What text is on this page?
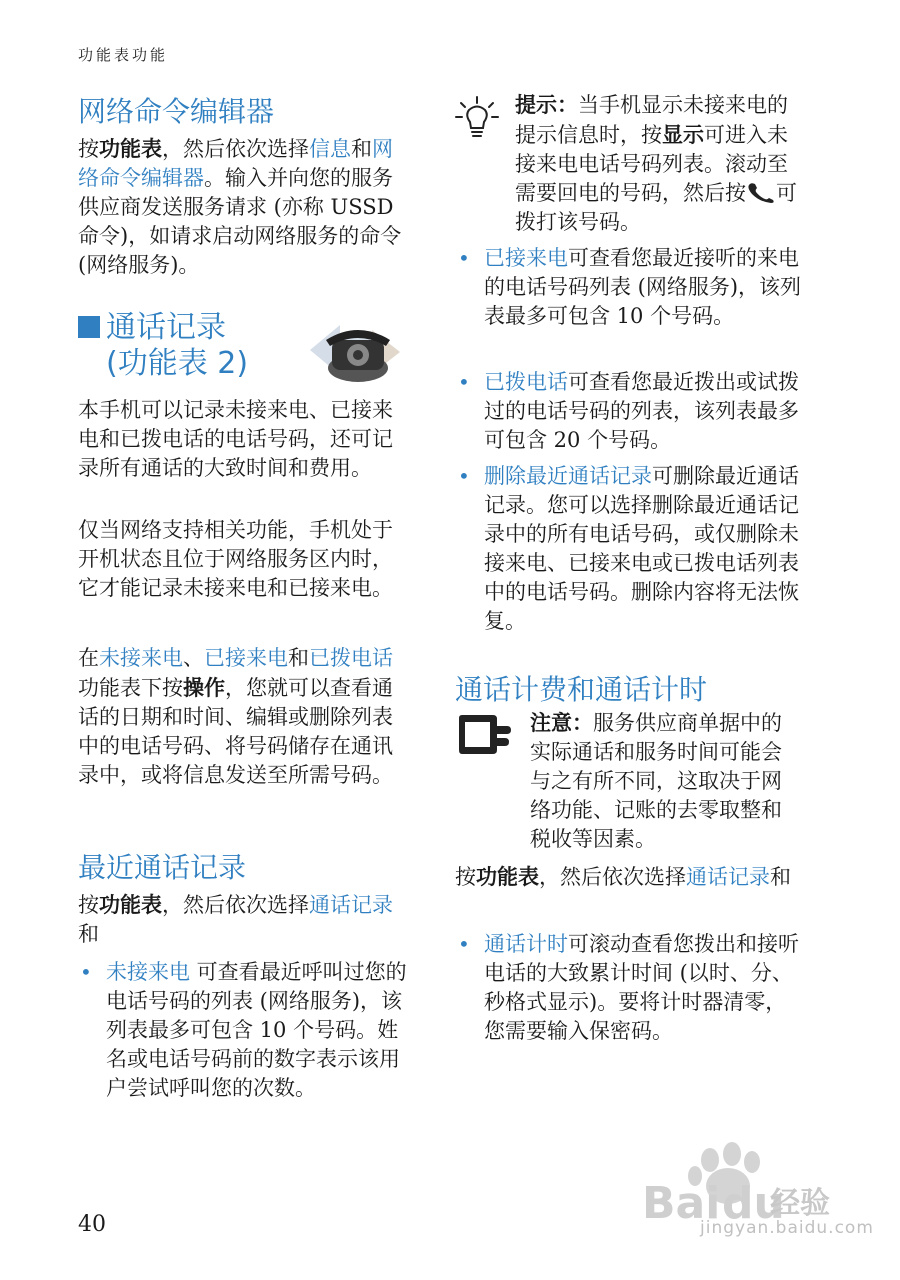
功能表功能
网络命令编辑器

按功能表，然后依次选择信息和网络命令编辑器。输入并向您的服务供应商发送服务请求 (亦称 USSD 命令)，如请求启动网络服务的命令 (网络服务)。

通话记录
(功能表 2)

本手机可以记录未接来电、已接来电和已拨电话的电话号码，还可记录所有通话的大致时间和费用。

仅当网络支持相关功能，手机处于开机状态且位于网络服务区内时，它才能记录未接来电和已接来电。

在未接来电、已接来电和已拨电话功能表下按操作，您就可以查看通话的日期和时间、编辑或删除列表中的电话号码、将号码储存在通讯录中，或将信息发送至所需号码。

最近通话记录

按功能表，然后依次选择通话记录和

• 未接来电 可查看最近呼叫过您的电话号码的列表 (网络服务)，该列表最多可包含 10 个号码。姓名或电话号码前的数字表示该用户尝试呼叫您的次数。

提示：当手机显示未接来电的提示信息时，按显示可进入未接来电电话号码列表。滚动至需要回电的号码，然后按 可拨打该号码。

• 已接来电可查看您最近接听的来电的电话号码列表 (网络服务)，该列表最多可包含 10 个号码。

• 已拨电话可查看您最近拨出或试拨过的电话号码的列表，该列表最多可包含 20 个号码。

• 删除最近通话记录可删除最近通话记录。您可以选择删除最近通话记录中的所有电话号码，或仅删除未接来电、已接来电或已拨电话列表中的电话号码。删除内容将无法恢复。

通话计费和通话计时

注意：服务供应商单据中的实际通话和服务时间可能会与之有所不同，这取决于网络功能、记账的去零取整和税收等因素。

按功能表，然后依次选择通话记录和

• 通话计时可滚动查看您拨出和接听电话的大致累计时间 (以时、分、秒格式显示)。要将计时器清零，您需要输入保密码。

40	Bai du
经验
jingyan.baidu.com
